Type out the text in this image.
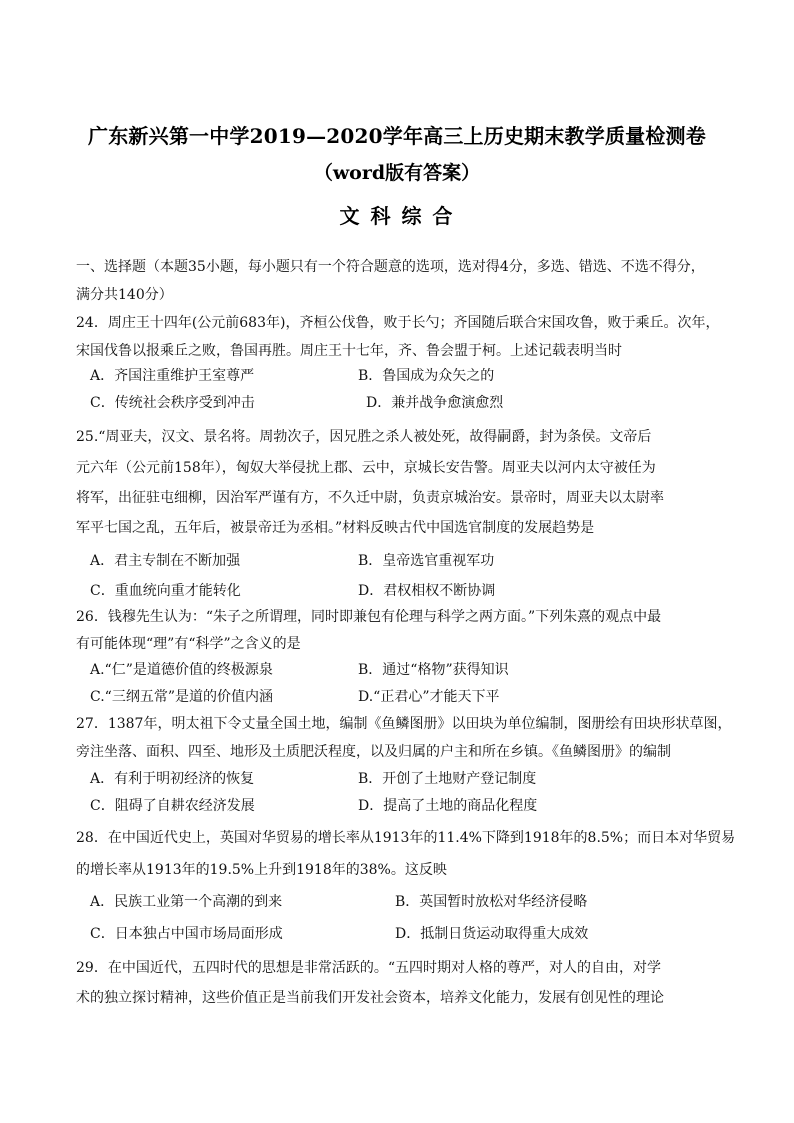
广东新兴第一中学2019—2020学年高三上历史期末教学质量检测卷
（word版有答案）
文 科 综 合
一、选择题（本题35小题，每小题只有一个符合题意的选项，选对得4分，多选、错选、不选不得分，
满分共140分）
24．周庄王十四年(公元前683年)，齐桓公伐鲁，败于长勺；齐国随后联合宋国攻鲁，败于乘丘。次年，
宋国伐鲁以报乘丘之败，鲁国再胜。周庄王十七年，齐、鲁会盟于柯。上述记载表明当时
A．齐国注重维护王室尊严	B．鲁国成为众矢之的
C．传统社会秩序受到冲击	D．兼并战争愈演愈烈
25.“周亚夫，汉文、景名将。周勃次子，因兄胜之杀人被处死，故得嗣爵，封为条侯。文帝后
元六年（公元前158年），匈奴大举侵扰上郡、云中，京城长安告警。周亚夫以河内太守被任为
将军，出征驻屯细柳，因治军严谨有方，不久迁中尉，负责京城治安。景帝时，周亚夫以太尉率
军平七国之乱，五年后，被景帝迁为丞相。”材料反映古代中国选官制度的发展趋势是
A．君主专制在不断加强	B．皇帝选官重视军功
C．重血统向重才能转化	D．君权相权不断协调
26．钱穆先生认为：“朱子之所谓理，同时即兼包有伦理与科学之两方面。”下列朱熹的观点中最
有可能体现“理”有“科学”之含义的是
A.“仁”是道德价值的终极源泉	B．通过“格物”获得知识
C.“三纲五常”是道的价值内涵	D.“正君心”才能天下平
27．1387年，明太祖下令丈量全国土地，编制《鱼鳞图册》以田块为单位编制，图册绘有田块形状草图，
旁注坐落、面积、四至、地形及土质肥沃程度，以及归属的户主和所在乡镇。《鱼鳞图册》的编制
A．有利于明初经济的恢复	B．开创了土地财产登记制度
C．阻碍了自耕农经济发展	D．提高了土地的商品化程度
28．在中国近代史上，英国对华贸易的增长率从1913年的11.4%下降到1918年的8.5%；而日本对华贸易
的增长率从1913年的19.5%上升到1918年的38%。这反映
A．民族工业第一个高潮的到来	B．英国暂时放松对华经济侵略
C．日本独占中国市场局面形成	D．抵制日货运动取得重大成效
29．在中国近代，五四时代的思想是非常活跃的。“五四时期对人格的尊严，对人的自由，对学
术的独立探讨精神，这些价值正是当前我们开发社会资本，培养文化能力，发展有创见性的理论
